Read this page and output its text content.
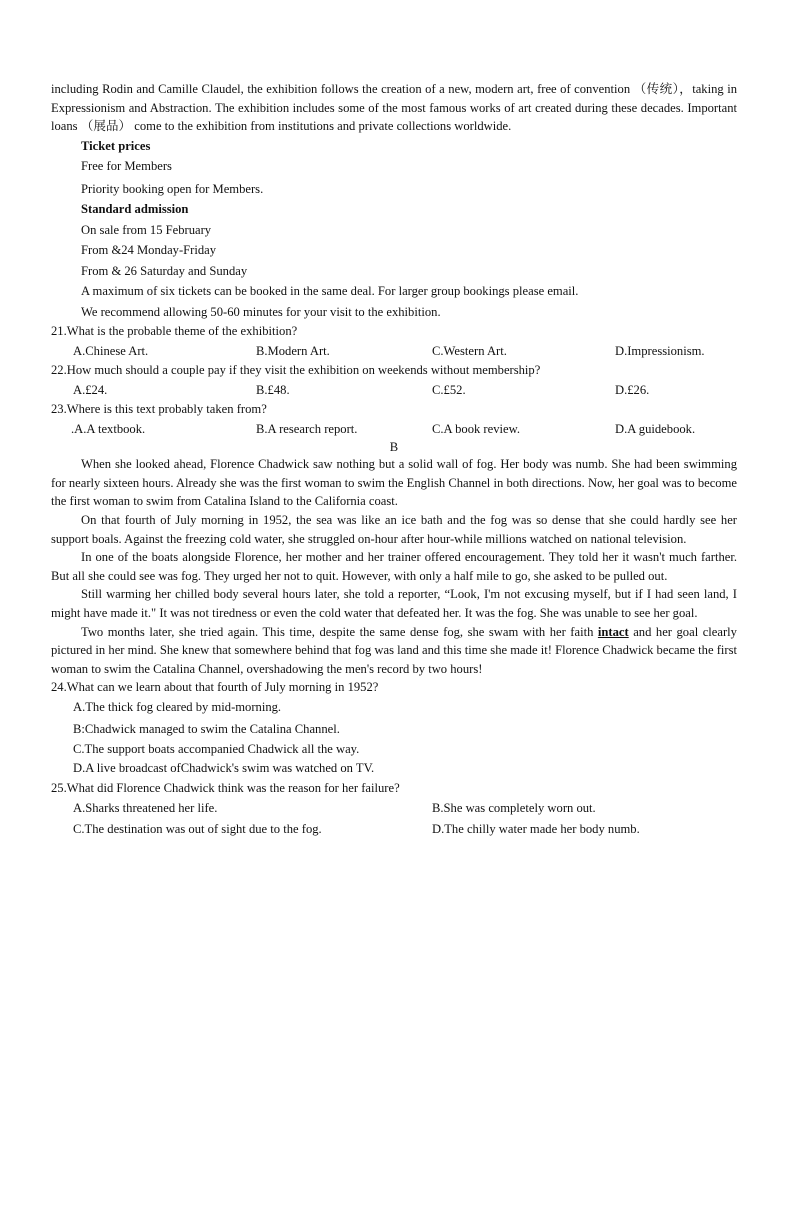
including Rodin and Camille Claudel, the exhibition follows the creation of a new, modern art, free of convention （传统），taking in Expressionism and Abstraction. The exhibition includes some of the most famous works of art created during these decades. Important loans （展品） come to the exhibition from institutions and private collections worldwide.

Ticket prices
Free for Members
Priority booking open for Members.
Standard admission
On sale from 15 February
From &24 Monday-Friday
From & 26 Saturday and Sunday
A maximum of six tickets can be booked in the same deal. For larger group bookings please email.
We recommend allowing 50-60 minutes for your visit to the exhibition.
21.What is the probable theme of the exhibition?
A.Chinese Art.	B.Modern Art.	C.Western Art.	D.Impressionism.
22.How much should a couple pay if they visit the exhibition on weekends without membership?
A.£24.	B.£48.	C.£52.	D.£26.
23.Where is this text probably taken from?
.A.A textbook.	B.A research report.	C.A book review.	D.A guidebook.
B

When she looked ahead, Florence Chadwick saw nothing but a solid wall of fog. Her body was numb. She had been swimming for nearly sixteen hours. Already she was the first woman to swim the English Channel in both directions. Now, her goal was to become the first woman to swim from Catalina Island to the California coast.

On that fourth of July morning in 1952, the sea was like an ice bath and the fog was so dense that she could hardly see her support boals. Against the freezing cold water, she struggled on-hour after hour-while millions watched on national television.

In one of the boats alongside Florence, her mother and her trainer offered encouragement. They told her it wasn't much farther. But all she could see was fog. They urged her not to quit. However, with only a half mile to go, she asked to be pulled out.

Still warming her chilled body several hours later, she told a reporter, “Look, I'm not excusing myself, but if I had seen land, I might have made it." It was not tiredness or even the cold water that defeated her. It was the fog. She was unable to see her goal.

Two months later, she tried again. This time, despite the same dense fog, she swam with her faith intact and her goal clearly pictured in her mind. She knew that somewhere behind that fog was land and this time she made it! Florence Chadwick became the first woman to swim the Catalina Channel, overshadowing the men's record by two hours!

24.What can we learn about that fourth of July morning in 1952?
A.The thick fog cleared by mid-morning.
B:Chadwick managed to swim the Catalina Channel.
C.The support boats accompanied Chadwick all the way.
D.A live broadcast ofChadwick's swim was watched on TV.
25.What did Florence Chadwick think was the reason for her failure?
A.Sharks threatened her life.	B.She was completely worn out.
C.The destination was out of sight due to the fog.	D.The chilly water made her body numb.
